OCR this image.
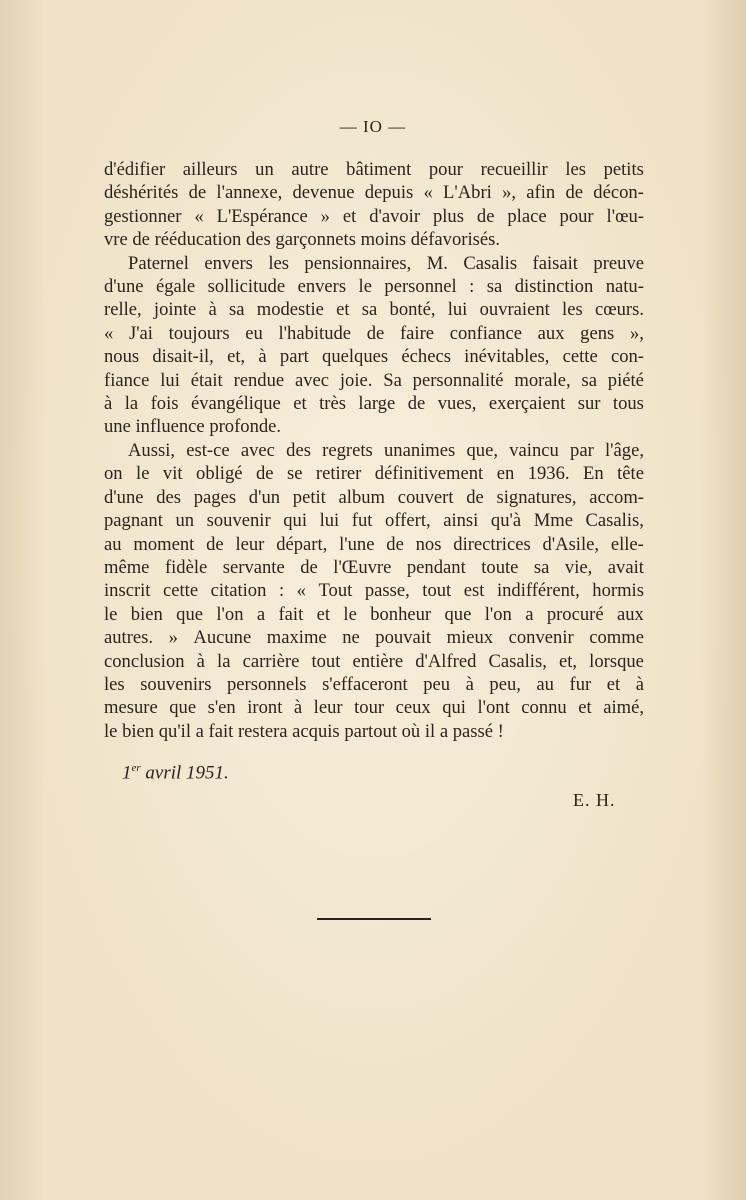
— IO —
d'édifier ailleurs un autre bâtiment pour recueillir les petits
déshérités de l'annexe, devenue depuis « L'Abri », afin de décon-
gestionner « L'Espérance » et d'avoir plus de place pour l'œu-
vre de rééducation des garçonnets moins défavorisés.
Paternel envers les pensionnaires, M. Casalis faisait preuve
d'une égale sollicitude envers le personnel : sa distinction natu-
relle, jointe à sa modestie et sa bonté, lui ouvraient les cœurs.
« J'ai toujours eu l'habitude de faire confiance aux gens »,
nous disait-il, et, à part quelques échecs inévitables, cette con-
fiance lui était rendue avec joie. Sa personnalité morale, sa piété
à la fois évangélique et très large de vues, exerçaient sur tous
une influence profonde.
Aussi, est-ce avec des regrets unanimes que, vaincu par l'âge,
on le vit obligé de se retirer définitivement en 1936. En tête
d'une des pages d'un petit album couvert de signatures, accom-
pagnant un souvenir qui lui fut offert, ainsi qu'à Mme Casalis,
au moment de leur départ, l'une de nos directrices d'Asile, elle-
même fidèle servante de l'Œuvre pendant toute sa vie, avait
inscrit cette citation : « Tout passe, tout est indifférent, hormis
le bien que l'on a fait et le bonheur que l'on a procuré aux
autres. » Aucune maxime ne pouvait mieux convenir comme
conclusion à la carrière tout entière d'Alfred Casalis, et, lorsque
les souvenirs personnels s'effaceront peu à peu, au fur et à
mesure que s'en iront à leur tour ceux qui l'ont connu et aimé,
le bien qu'il a fait restera acquis partout où il a passé !
1er avril 1951.
E. H.
